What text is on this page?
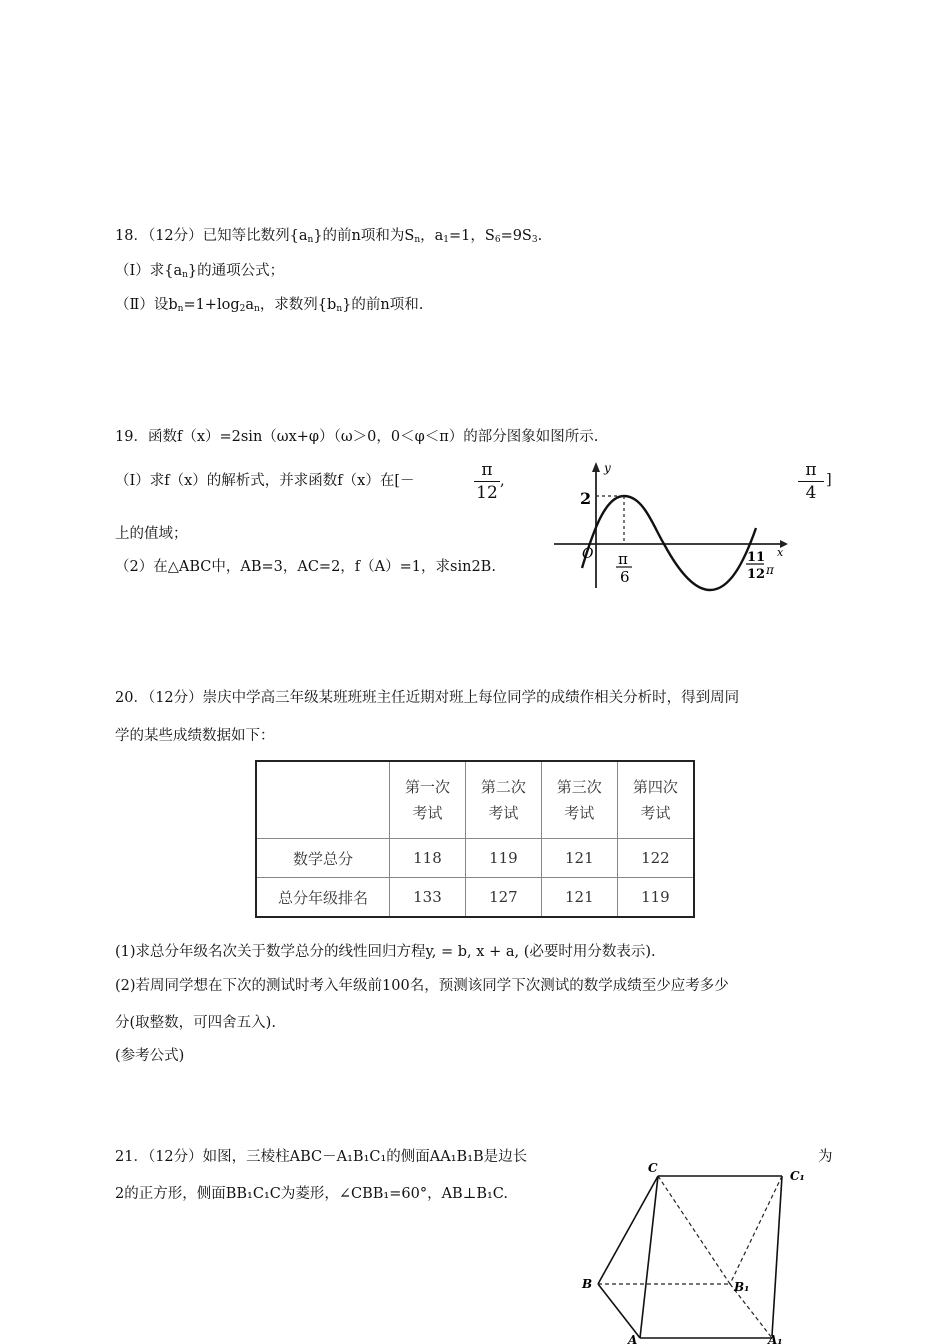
18．（12分）已知等比数列$\{a_n\}$的前n项和为$S_n$，$a_1=1$，$S_6=9S_3$.
（Ⅰ）求$\{a_n\}$的通项公式；
（Ⅱ）设$b_n=1+\log_2a_n$，求数列$\{b_n\}$的前n项和.
19．函数f（x）=2sin（ωx+φ）（ω＞0，0＜φ＜π）的部分图象如图所示.
（I）求f（x）的解析式，并求函数f（x）在[－
π
12
,
π
4
]
上的值域；
（2）在△ABC中，AB=3，AC=2，f（A）=1，求sin2B.
y
x
O
2
π
6
11
12 π
20．（12分）崇庆中学高三年级某班班班主任近期对班上每位同学的成绩作相关分析时，得到周同
学的某些成绩数据如下：
	第一次
考试	第二次
考试	第三次
考试	第四次
考试
数学总分	118	119	121	122
总分年级排名	133	127	121	119
(1)求总分年级名次关于数学总分的线性回归方程y, = b, x + a, (必要时用分数表示).
(2)若周同学想在下次的测试时考入年级前100名，预测该同学下次测试的数学成绩至少应考多少
分(取整数，可四舍五入).
(参考公式)
21．（12分）如图，三棱柱ABC－A₁B₁C₁的侧面AA₁B₁B是边长	为
2的正方形，侧面BB₁C₁C为菱形，∠CBB₁=60°，AB⊥B₁C.
C
C₁
B	B₁
A	A₁
